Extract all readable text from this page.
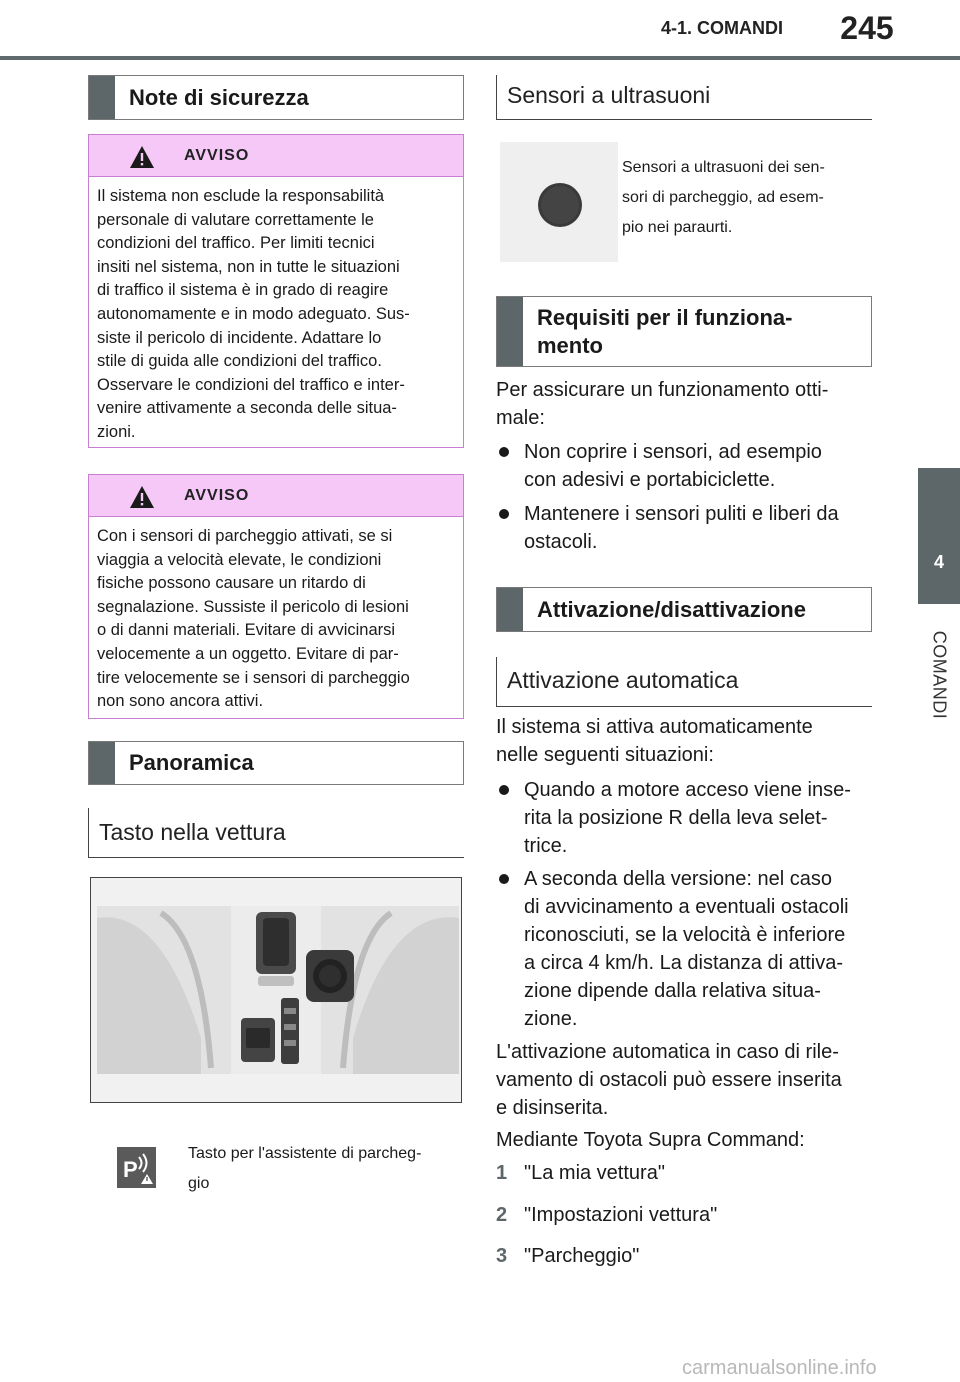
4-1. COMANDI	245
4
COMANDI
Note di sicurezza
AVVISO
Il sistema non esclude la responsabilità
personale di valutare correttamente le
condizioni del traffico. Per limiti tecnici
insiti nel sistema, non in tutte le situazioni
di traffico il sistema è in grado di reagire
autonomamente e in modo adeguato. Sus-
siste il pericolo di incidente. Adattare lo
stile di guida alle condizioni del traffico.
Osservare le condizioni del traffico e inter-
venire attivamente a seconda delle situa-
zioni.
AVVISO
Con i sensori di parcheggio attivati, se si
viaggia a velocità elevate, le condizioni
fisiche possono causare un ritardo di
segnalazione. Sussiste il pericolo di lesioni
o di danni materiali. Evitare di avvicinarsi
velocemente a un oggetto. Evitare di par-
tire velocemente se i sensori di parcheggio
non sono ancora attivi.
Panoramica
Tasto nella vettura
P
Tasto per l'assistente di parcheg-
gio
Sensori a ultrasuoni
Sensori a ultrasuoni dei sen-
sori di parcheggio, ad esem-
pio nei paraurti.
Requisiti per il funziona-
mento
Per assicurare un funzionamento otti-
male:
Non coprire i sensori, ad esempio
con adesivi e portabiciclette.
Mantenere i sensori puliti e liberi da
ostacoli.
Attivazione/disattivazione
Attivazione automatica
Il sistema si attiva automaticamente
nelle seguenti situazioni:
Quando a motore acceso viene inse-
rita la posizione R della leva selet-
trice.
A seconda della versione: nel caso
di avvicinamento a eventuali ostacoli
riconosciuti, se la velocità è inferiore
a circa 4 km/h. La distanza di attiva-
zione dipende dalla relativa situa-
zione.
L'attivazione automatica in caso di rile-
vamento di ostacoli può essere inserita
e disinserita.
Mediante Toyota Supra Command:
1 "La mia vettura"
2 "Impostazioni vettura"
3 "Parcheggio"
carmanualsonline.info
